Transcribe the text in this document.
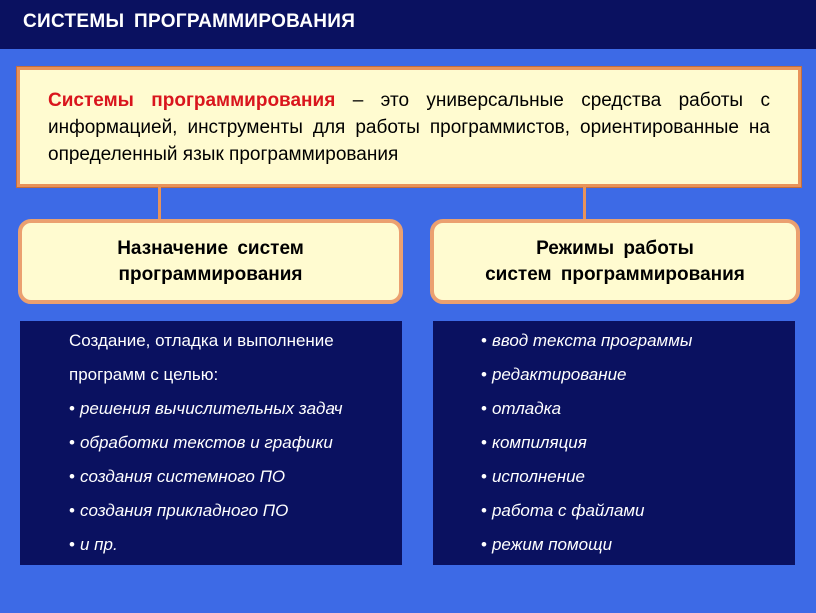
СИСТЕМЫ ПРОГРАММИРОВАНИЯ

Системы программирования – это универсальные средства работы с информацией, инструменты для работы программистов, ориентированные на определенный язык программирования

Назначение систем
программирования
Режимы работы
систем программирования
Создание, отладка и выполнение
программ с целью:
• решения вычислительных задач
• обработки текстов и графики
• создания системного ПО
• создания прикладного ПО
• и пр.
• ввод текста программы
• редактирование
• отладка
• компиляция
• исполнение
• работа с файлами
• режим помощи
